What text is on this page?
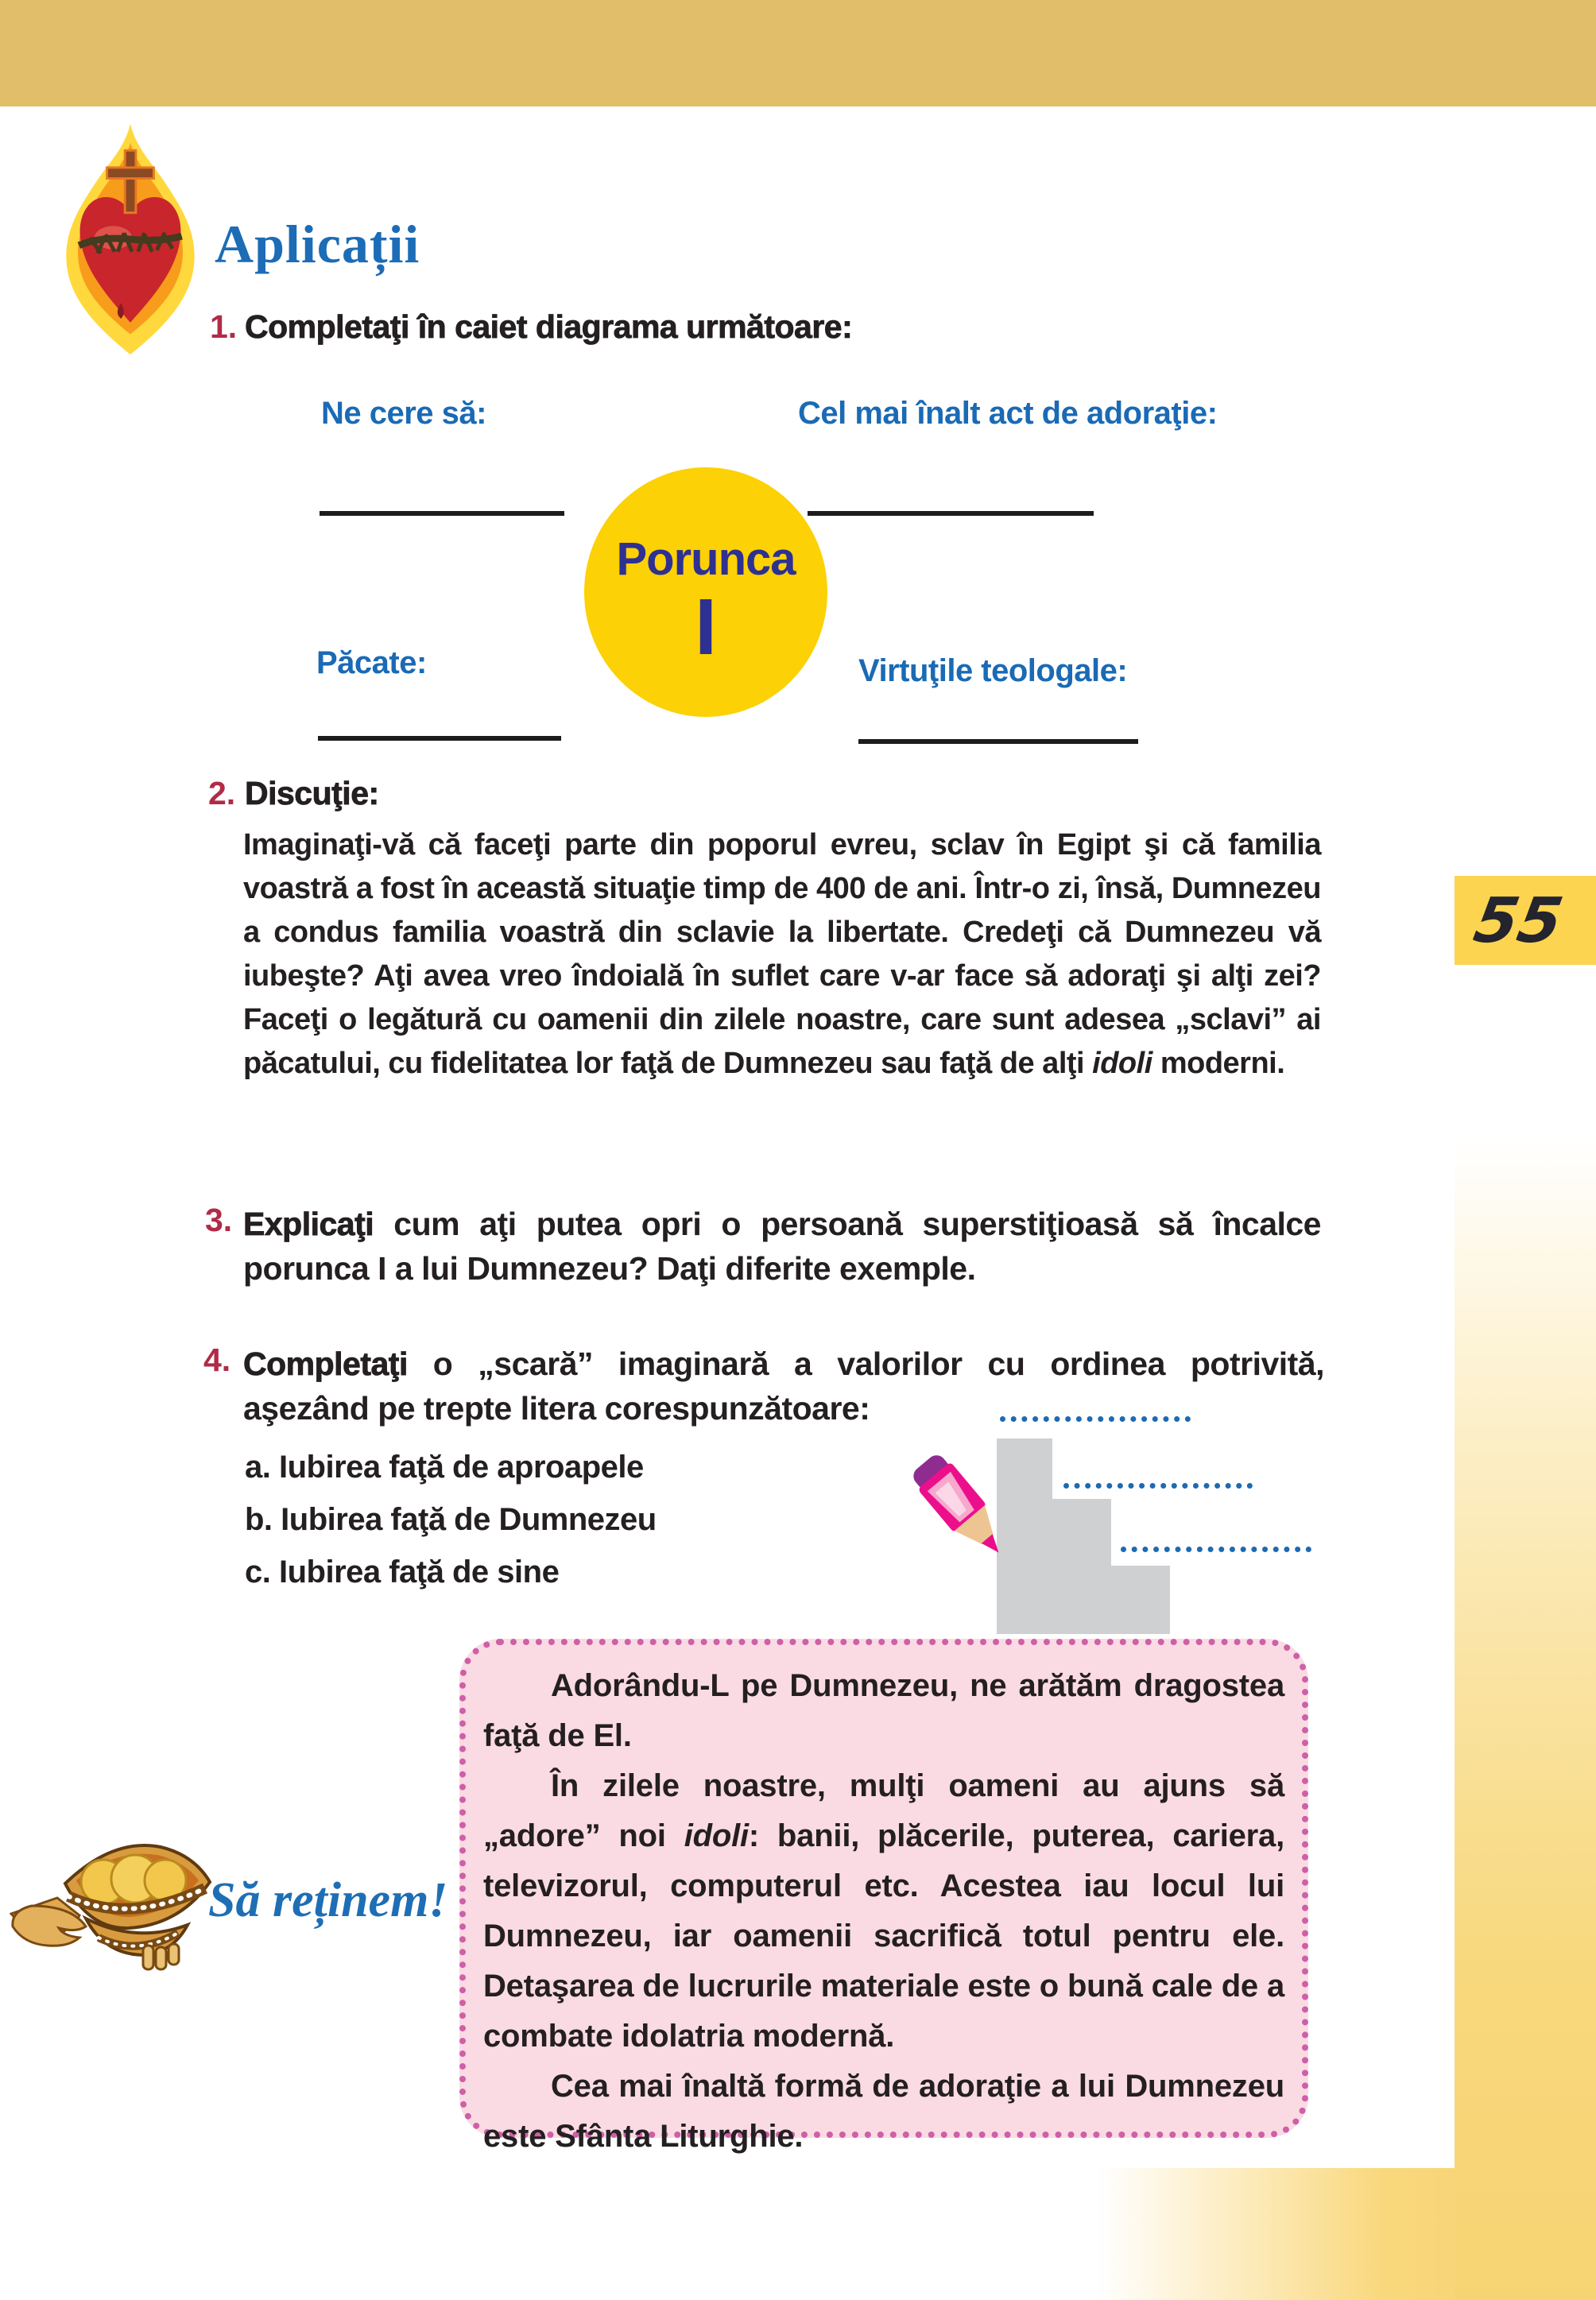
Aplicații
1. Completaţi în caiet diagrama următoare:
Ne cere să:	Cel mai înalt act de adoraţie:
Păcate:	Virtuţile teologale:
Porunca
I
2. Discuţie:
Imaginaţi-vă că faceţi parte din poporul evreu, sclav în Egipt şi că familia voastră a fost în această situaţie timp de 400 de ani. Într-o zi, însă, Dumnezeu a condus familia voastră din sclavie la libertate. Credeţi că Dumnezeu vă iubeşte? Aţi avea vreo îndoială în suflet care v-ar face să adoraţi şi alţi zei? Faceţi o legătură cu oamenii din zilele noastre, care sunt adesea „sclavi” ai păcatului, cu fidelitatea lor faţă de Dumnezeu sau faţă de alţi idoli moderni.
55
3. Explicaţi cum aţi putea opri o persoană superstiţioasă să încalce porunca I a lui Dumnezeu? Daţi diferite exemple.
4. Completaţi o „scară” imaginară a valorilor cu ordinea potrivită, aşezând pe trepte litera corespunzătoare:
a. Iubirea faţă de aproapele
b. Iubirea faţă de Dumnezeu
c. Iubirea faţă de sine
Să reținem!

Adorându-L pe Dumnezeu, ne arătăm dragostea faţă de El.

În zilele noastre, mulţi oameni au ajuns să „adore” noi idoli: banii, plăcerile, puterea, cariera, televizorul, computerul etc. Acestea iau locul lui Dumnezeu, iar oamenii sacrifică totul pentru ele. Detaşarea de lucrurile materiale este o bună cale de a combate idolatria modernă.

Cea mai înaltă formă de adoraţie a lui Dumnezeu este Sfânta Liturghie.
